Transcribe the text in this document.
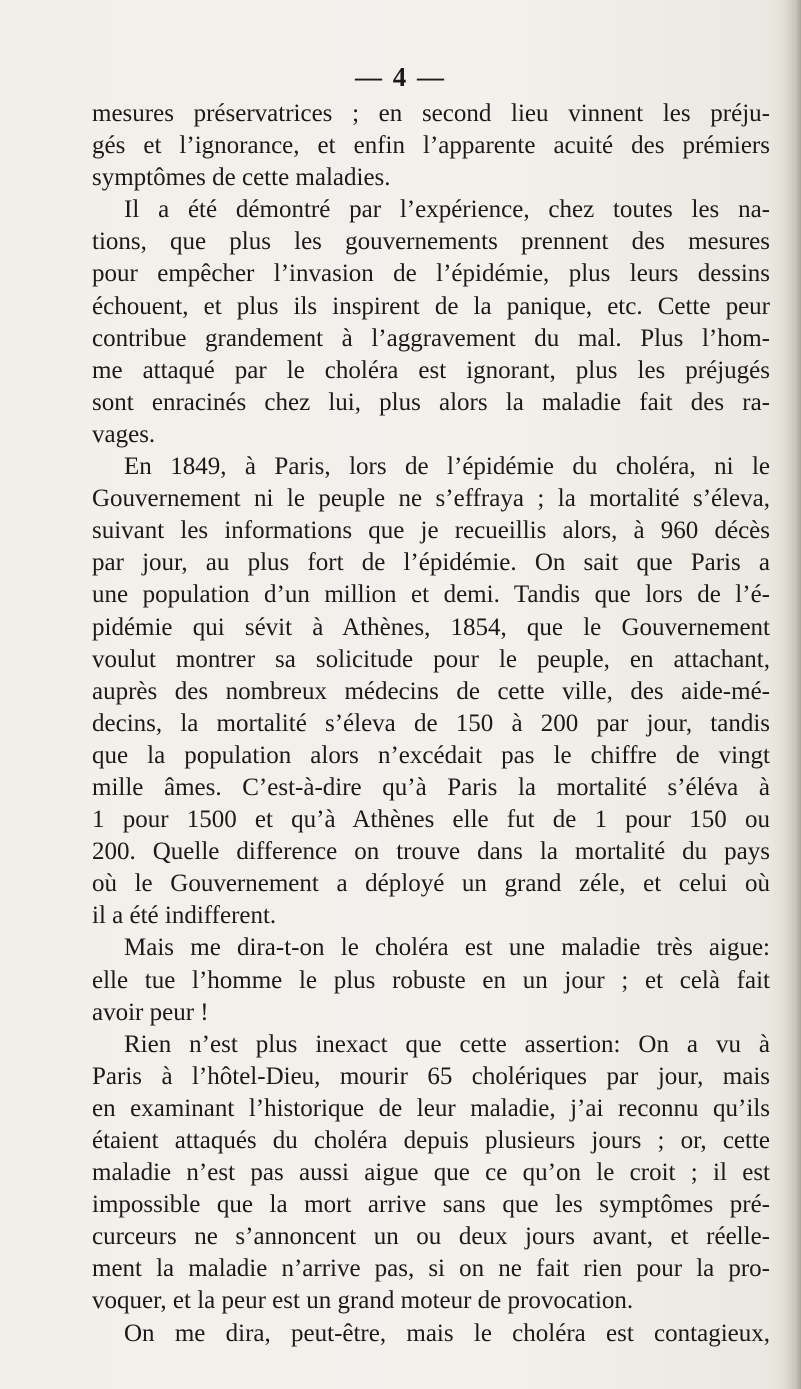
— 4 —
mesures préservatrices ; en second lieu vinnent les préju-
gés et l’ignorance, et enfin l’apparente acuité des prémiers
symptômes de cette maladies.
Il a été démontré par l’expérience, chez toutes les na-
tions, que plus les gouvernements prennent des mesures
pour empêcher l’invasion de l’épidémie, plus leurs dessins
échouent, et plus ils inspirent de la panique, etc. Cette peur
contribue grandement à l’aggravement du mal. Plus l’hom-
me attaqué par le choléra est ignorant, plus les préjugés
sont enracinés chez lui, plus alors la maladie fait des ra-
vages.
En 1849, à Paris, lors de l’épidémie du choléra, ni le
Gouvernement ni le peuple ne s’effraya ; la mortalité s’éleva,
suivant les informations que je recueillis alors, à 960 décès
par jour, au plus fort de l’épidémie. On sait que Paris a
une population d’un million et demi. Tandis que lors de l’é-
pidémie qui sévit à Athènes, 1854, que le Gouvernement
voulut montrer sa solicitude pour le peuple, en attachant,
auprès des nombreux médecins de cette ville, des aide-mé-
decins, la mortalité s’éleva de 150 à 200 par jour, tandis
que la population alors n’excédait pas le chiffre de vingt
mille âmes. C’est-à-dire qu’à Paris la mortalité s’éléva à
1 pour 1500 et qu’à Athènes elle fut de 1 pour 150 ou
200. Quelle difference on trouve dans la mortalité du pays
où le Gouvernement a déployé un grand zéle, et celui où
il a été indifferent.
Mais me dira-t-on le choléra est une maladie très aigue:
elle tue l’homme le plus robuste en un jour ; et celà fait
avoir peur !
Rien n’est plus inexact que cette assertion: On a vu à
Paris à l’hôtel-Dieu, mourir 65 cholériques par jour, mais
en examinant l’historique de leur maladie, j’ai reconnu qu’ils
étaient attaqués du choléra depuis plusieurs jours ; or, cette
maladie n’est pas aussi aigue que ce qu’on le croit ; il est
impossible que la mort arrive sans que les symptômes pré-
curceurs ne s’annoncent un ou deux jours avant, et réelle-
ment la maladie n’arrive pas, si on ne fait rien pour la pro-
voquer, et la peur est un grand moteur de provocation.
On me dira, peut-être, mais le choléra est contagieux,
